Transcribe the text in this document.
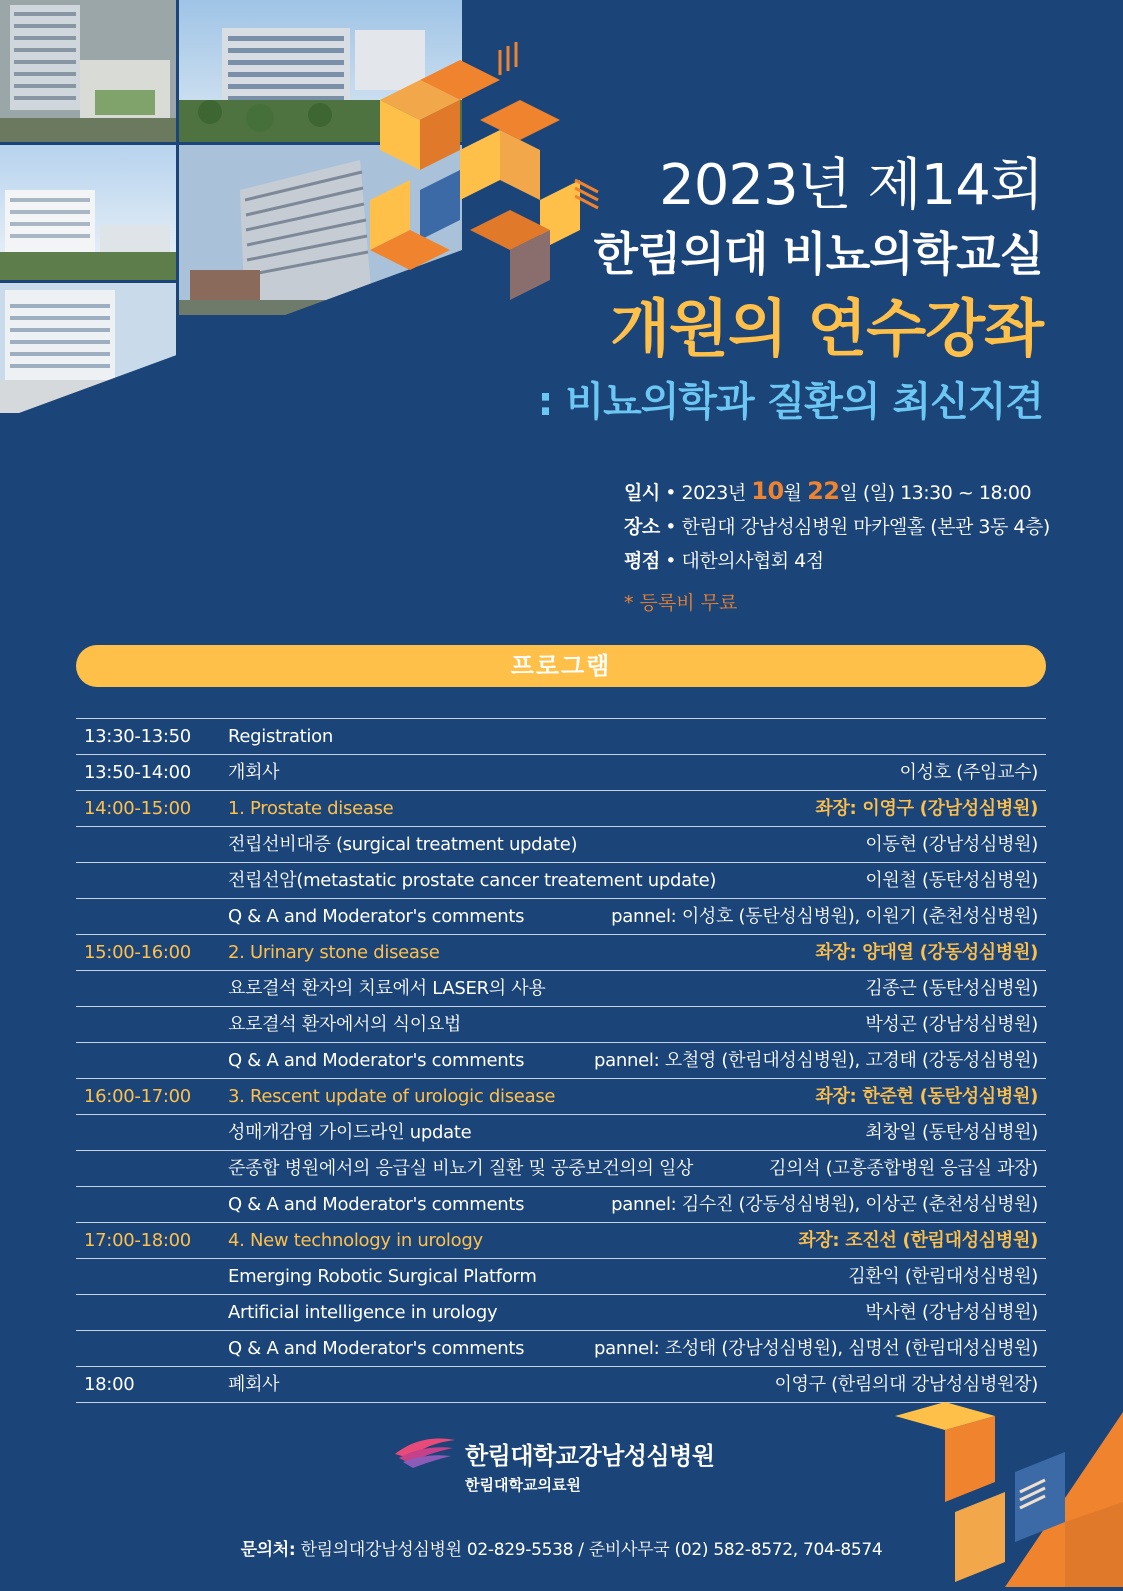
2023년 제14회
한림의대 비뇨의학교실
개원의 연수강좌
: 비뇨의학과 질환의 최신지견
일시 • 2023년 10월 22일 (일) 13:30 ~ 18:00
장소 • 한림대 강남성심병원 마카엘홀 (본관 3동 4층)
평점 • 대한의사협회 4점
* 등록비 무료
프로그램
13:30-13:50 Registration
13:50-14:00 개회사	이성호 (주임교수)
14:00-15:00 1. Prostate disease	좌장: 이영구 (강남성심병원)
전립선비대증 (surgical treatment update)	이동현 (강남성심병원)
전립선암(metastatic prostate cancer treatement update)	이원철 (동탄성심병원)
Q & A and Moderator's comments	pannel: 이성호 (동탄성심병원), 이원기 (춘천성심병원)
15:00-16:00 2. Urinary stone disease	좌장: 양대열 (강동성심병원)
요로결석 환자의 치료에서 LASER의 사용	김종근 (동탄성심병원)
요로결석 환자에서의 식이요법	박성곤 (강남성심병원)
Q & A and Moderator's comments	pannel: 오철영 (한림대성심병원), 고경태 (강동성심병원)
16:00-17:00 3. Rescent update of urologic disease	좌장: 한준현 (동탄성심병원)
성매개감염 가이드라인 update	최창일 (동탄성심병원)
준종합 병원에서의 응급실 비뇨기 질환 및 공중보건의의 일상	김의석 (고흥종합병원 응급실 과장)
Q & A and Moderator's comments	pannel: 김수진 (강동성심병원), 이상곤 (춘천성심병원)
17:00-18:00 4. New technology in urology	좌장: 조진선 (한림대성심병원)
Emerging Robotic Surgical Platform	김환익 (한림대성심병원)
Artificial intelligence in urology	박사현 (강남성심병원)
Q & A and Moderator's comments	pannel: 조성태 (강남성심병원), 심명선 (한림대성심병원)
18:00	폐회사	이영구 (한림의대 강남성심병원장)
한림대학교강남성심병원
한림대학교의료원
문의처: 한림의대강남성심병원 02-829-5538 / 준비사무국 (02) 582-8572, 704-8574
